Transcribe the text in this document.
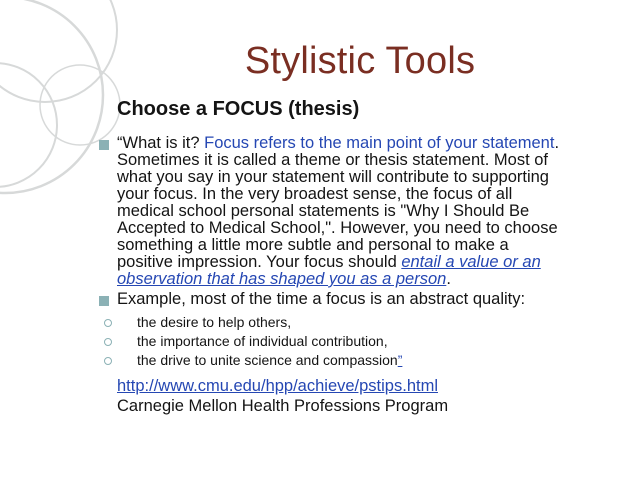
Stylistic Tools
Choose a FOCUS (thesis)
“What is it? Focus refers to the main point of your statement.
Sometimes it is called a theme or thesis statement. Most of
what you say in your statement will contribute to supporting
your focus. In the very broadest sense, the focus of all
medical school personal statements is "Why I Should Be
Accepted to Medical School,". However, you need to choose
something a little more subtle and personal to make a
positive impression. Your focus should entail a value or an
observation that has shaped you as a person.
Example, most of the time a focus is an abstract quality:
the desire to help others,
the importance of individual contribution,
the drive to unite science and compassion”
http://www.cmu.edu/hpp/achieve/pstips.html
Carnegie Mellon Health Professions Program
